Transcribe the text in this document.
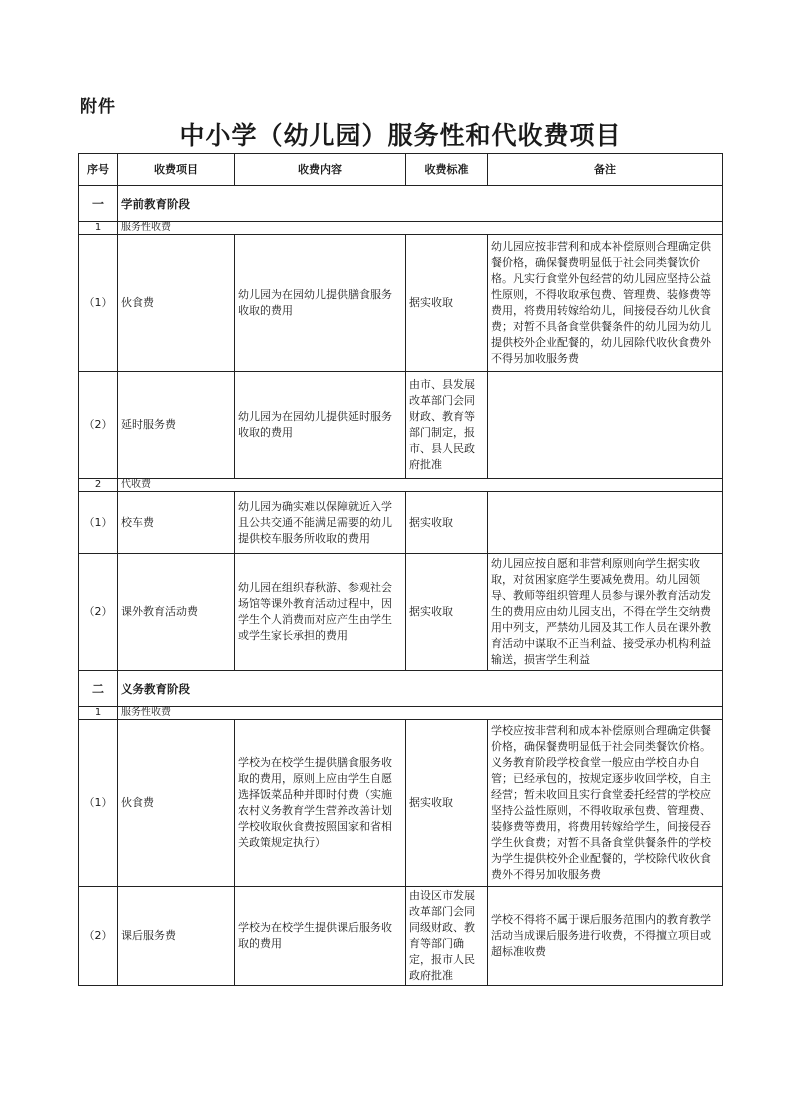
附件
中小学（幼儿园）服务性和代收费项目
序号	收费项目	收费内容	收费标准	备注
一	学前教育阶段			
1	服务性收费			
（1）	伙食费	幼儿园为在园幼儿提供膳食服务收取的费用	据实收取	幼儿园应按非营利和成本补偿原则合理确定供餐价格，确保餐费明显低于社会同类餐饮价格。凡实行食堂外包经营的幼儿园应坚持公益性原则，不得收取承包费、管理费、装修费等费用，将费用转嫁给幼儿，间接侵吞幼儿伙食费；对暂不具备食堂供餐条件的幼儿园为幼儿提供校外企业配餐的，幼儿园除代收伙食费外不得另加收服务费
（2）	延时服务费	幼儿园为在园幼儿提供延时服务收取的费用	由市、县发展改革部门会同财政、教育等部门制定，报市、县人民政府批准	
2	代收费			
（1）	校车费	幼儿园为确实难以保障就近入学且公共交通不能满足需要的幼儿提供校车服务所收取的费用	据实收取	
（2）	课外教育活动费	幼儿园在组织春秋游、参观社会场馆等课外教育活动过程中，因学生个人消费而对应产生由学生或学生家长承担的费用	据实收取	幼儿园应按自愿和非营利原则向学生据实收取，对贫困家庭学生要减免费用。幼儿园领导、教师等组织管理人员参与课外教育活动发生的费用应由幼儿园支出，不得在学生交纳费用中列支，严禁幼儿园及其工作人员在课外教育活动中谋取不正当利益、接受承办机构利益输送，损害学生利益
二	义务教育阶段			
1	服务性收费			
（1）	伙食费	学校为在校学生提供膳食服务收取的费用，原则上应由学生自愿选择饭菜品种并即时付费（实施农村义务教育学生营养改善计划学校收取伙食费按照国家和省相关政策规定执行）	据实收取	学校应按非营利和成本补偿原则合理确定供餐价格，确保餐费明显低于社会同类餐饮价格。义务教育阶段学校食堂一般应由学校自办自管；已经承包的，按规定逐步收回学校，自主经营；暂未收回且实行食堂委托经营的学校应坚持公益性原则，不得收取承包费、管理费、装修费等费用，将费用转嫁给学生，间接侵吞学生伙食费；对暂不具备食堂供餐条件的学校为学生提供校外企业配餐的，学校除代收伙食费外不得另加收服务费
（2）	课后服务费	学校为在校学生提供课后服务收取的费用	由设区市发展改革部门会同同级财政、教育等部门确定，报市人民政府批准	学校不得将不属于课后服务范围内的教育教学活动当成课后服务进行收费，不得擅立项目或超标准收费
